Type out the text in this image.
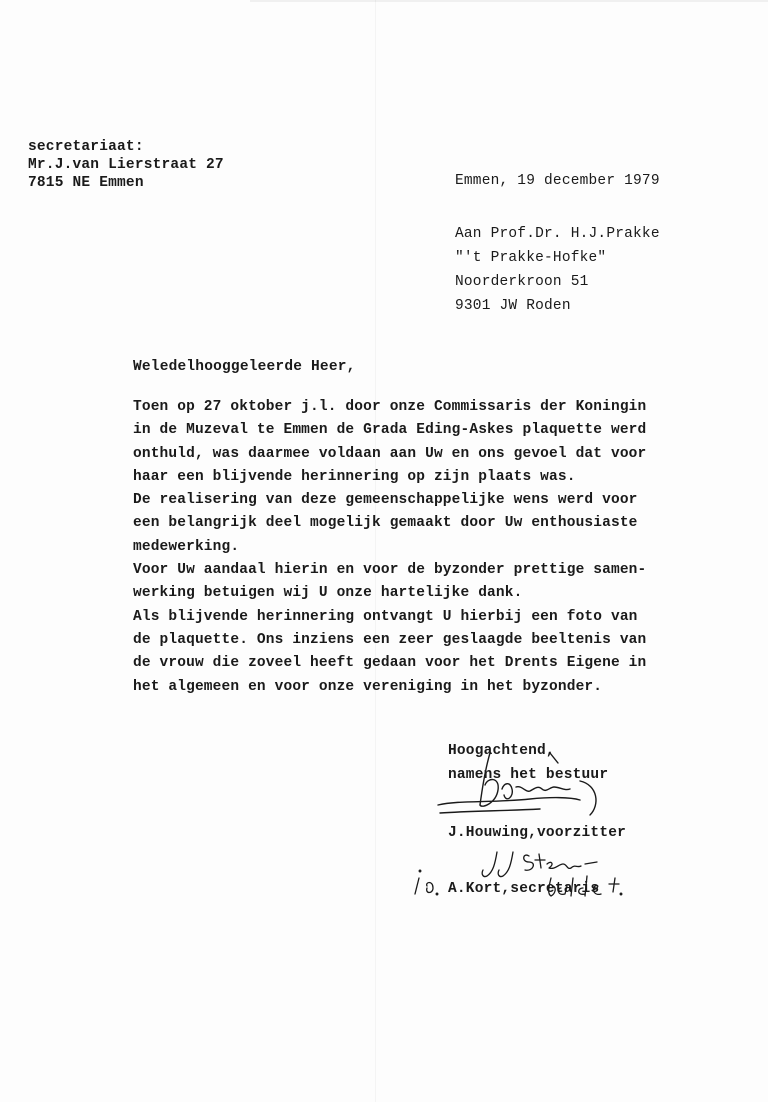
secretariaat:
Mr.J.van Lierstraat 27
7815 NE Emmen	Emmen, 19 december 1979
Aan Prof.Dr. H.J.Prakke
"'t Prakke-Hofke"
Noorderkroon 51
9301 JW Roden
Weledelhooggeleerde Heer,
Toen op 27 oktober j.l. door onze Commissaris der Koningin
in de Muzeval te Emmen de Grada Eding-Askes plaquette werd
onthuld, was daarmee voldaan aan Uw en ons gevoel dat voor
haar een blijvende herinnering op zijn plaats was.
De realisering van deze gemeenschappelijke wens werd voor
een belangrijk deel mogelijk gemaakt door Uw enthousiaste
medewerking.
Voor Uw aandaal hierin en voor de byzonder prettige samen-
werking betuigen wij U onze hartelijke dank.
Als blijvende herinnering ontvangt U hierbij een foto van
de plaquette. Ons inziens een zeer geslaagde beeltenis van
de vrouw die zoveel heeft gedaan voor het Drents Eigene in
het algemeen en voor onze vereniging in het byzonder.
Hoogachtend,
namens het bestuur
J.Houwing,voorzitter
A.Kort,secretaris
